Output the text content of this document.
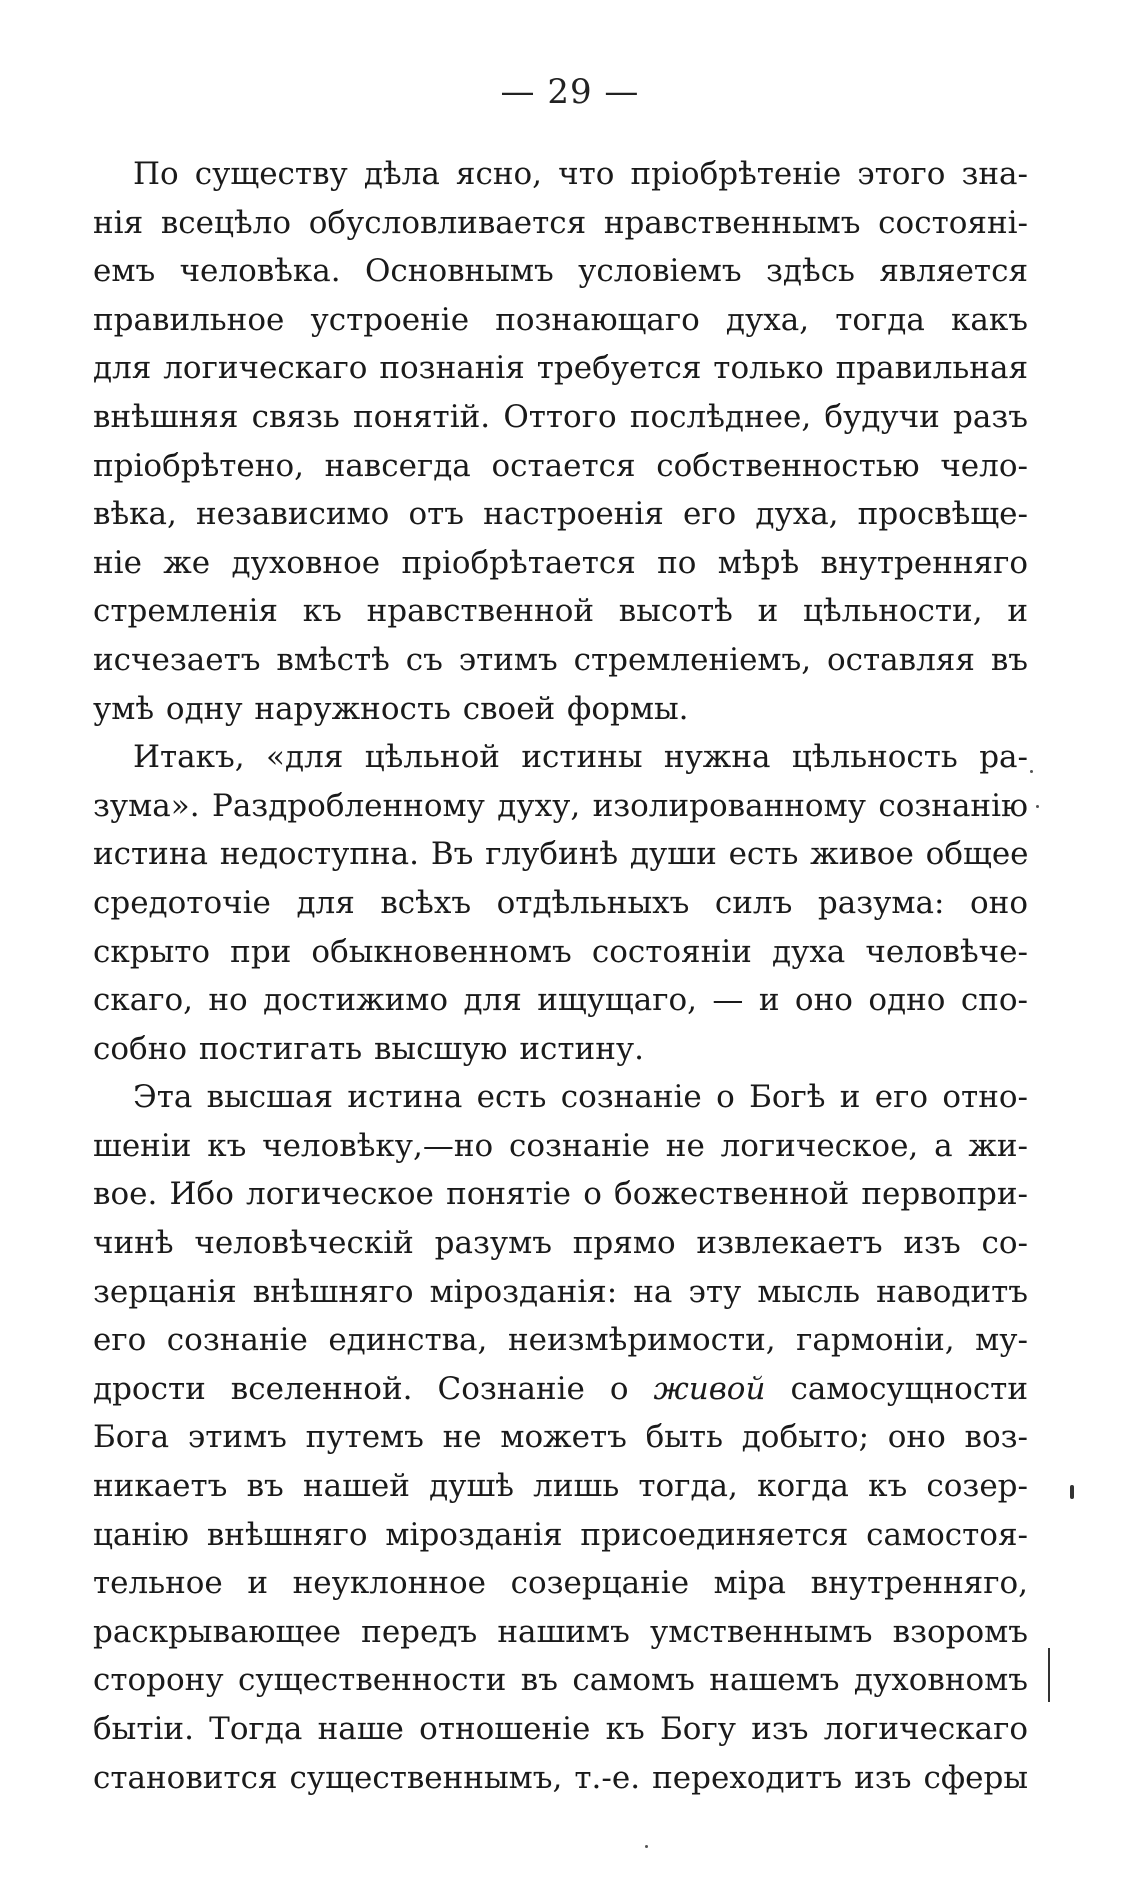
— 29 —
По существу дѣла ясно, что пріобрѣтеніе этого зна-
нія всецѣло обусловливается нравственнымъ состояні-
емъ человѣка. Основнымъ условіемъ здѣсь является
правильное устроеніе познающаго духа, тогда какъ
для логическаго познанія требуется только правильная
внѣшняя связь понятій. Оттого послѣднее, будучи разъ
пріобрѣтено, навсегда остается собственностью чело-
вѣка, независимо отъ настроенія его духа, просвѣще-
ніе же духовное пріобрѣтается по мѣрѣ внутренняго
стремленія къ нравственной высотѣ и цѣльности, и
исчезаетъ вмѣстѣ съ этимъ стремленіемъ, оставляя въ
умѣ одну наружность своей формы.
Итакъ, «для цѣльной истины нужна цѣльность ра-
зума». Раздробленному духу, изолированному сознанію
истина недоступна. Въ глубинѣ души есть живое общее
средоточіе для всѣхъ отдѣльныхъ силъ разума: оно
скрыто при обыкновенномъ состояніи духа человѣче-
скаго, но достижимо для ищущаго, — и оно одно спо-
собно постигать высшую истину.
Эта высшая истина есть сознаніе о Богѣ и его отно-
шеніи къ человѣку,—но сознаніе не логическое, а жи-
вое. Ибо логическое понятіе о божественной первопри-
чинѣ человѣческій разумъ прямо извлекаетъ изъ со-
зерцанія внѣшняго мірозданія: на эту мысль наводитъ
его сознаніе единства, неизмѣримости, гармоніи, му-
дрости вселенной. Сознаніе о живой самосущности
Бога этимъ путемъ не можетъ быть добыто; оно воз-
никаетъ въ нашей душѣ лишь тогда, когда къ созер-
цанію внѣшняго мірозданія присоединяется самостоя-
тельное и неуклонное созерцаніе міра внутренняго,
раскрывающее передъ нашимъ умственнымъ взоромъ
сторону существенности въ самомъ нашемъ духовномъ
бытіи. Тогда наше отношеніе къ Богу изъ логическаго
становится существеннымъ, т.-е. переходитъ изъ сферы
